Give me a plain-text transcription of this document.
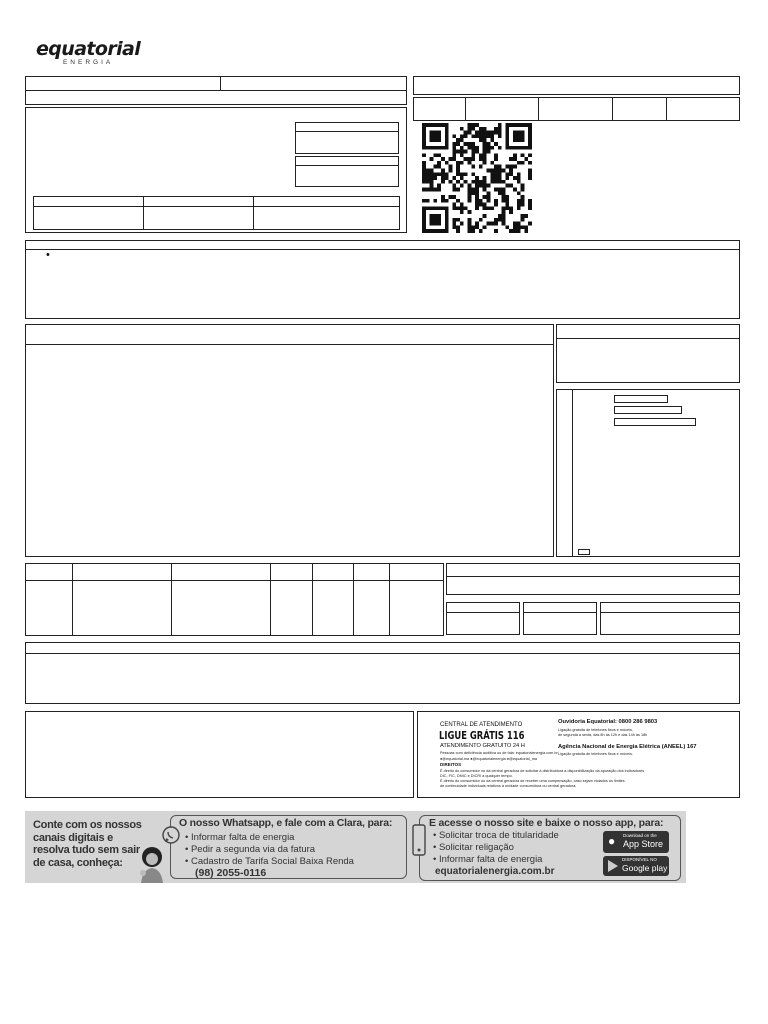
equatorial
ENERGIA
•
CENTRAL DE ATENDIMENTO
LIGUE GRÁTIS 116
ATENDIMENTO GRATUITO 24 H
Pessoas com deficiência auditiva ou de fala: equatorialenergia.com.br
●@equatorial.ma ●@equatorialenergia ●@equatorial_ma
Ouvidoria Equatorial: 0800 286 9803
Ligação gratuita de telefones fixos e móveis,
de segunda a sexta, das 8h às 12h e das 14h às 18h
Agência Nacional de Energia Elétrica (ANEEL) 167
Ligação gratuita de telefones fixos e móveis.
DIREITOS
É direito do consumidor no da central geradora de solicitar à distribuidora a disponibilização da apuração dos indicadores
DIC, FIC, DMIC e DICRI a qualquer tempo.
É direito do consumidor ou da central geradora de receber uma compensação, caso sejam violados os limites
de continuidade individuais relativos à unidade consumidora ou central geradora.
Conte com os nossos
canais digitais e
resolva tudo sem sair
de casa, conheça:
O nosso Whatsapp, e fale com a Clara, para:
• Informar falta de energia
• Pedir a segunda via da fatura
• Cadastro de Tarifa Social Baixa Renda
(98) 2055-0116
E acesse o nosso site e baixe o nosso app, para:
• Solicitar troca de titularidade
• Solicitar religação
• Informar falta de energia
equatorialenergia.com.br
● Download on the
App Store
DISPONÍVEL NO
Google play
